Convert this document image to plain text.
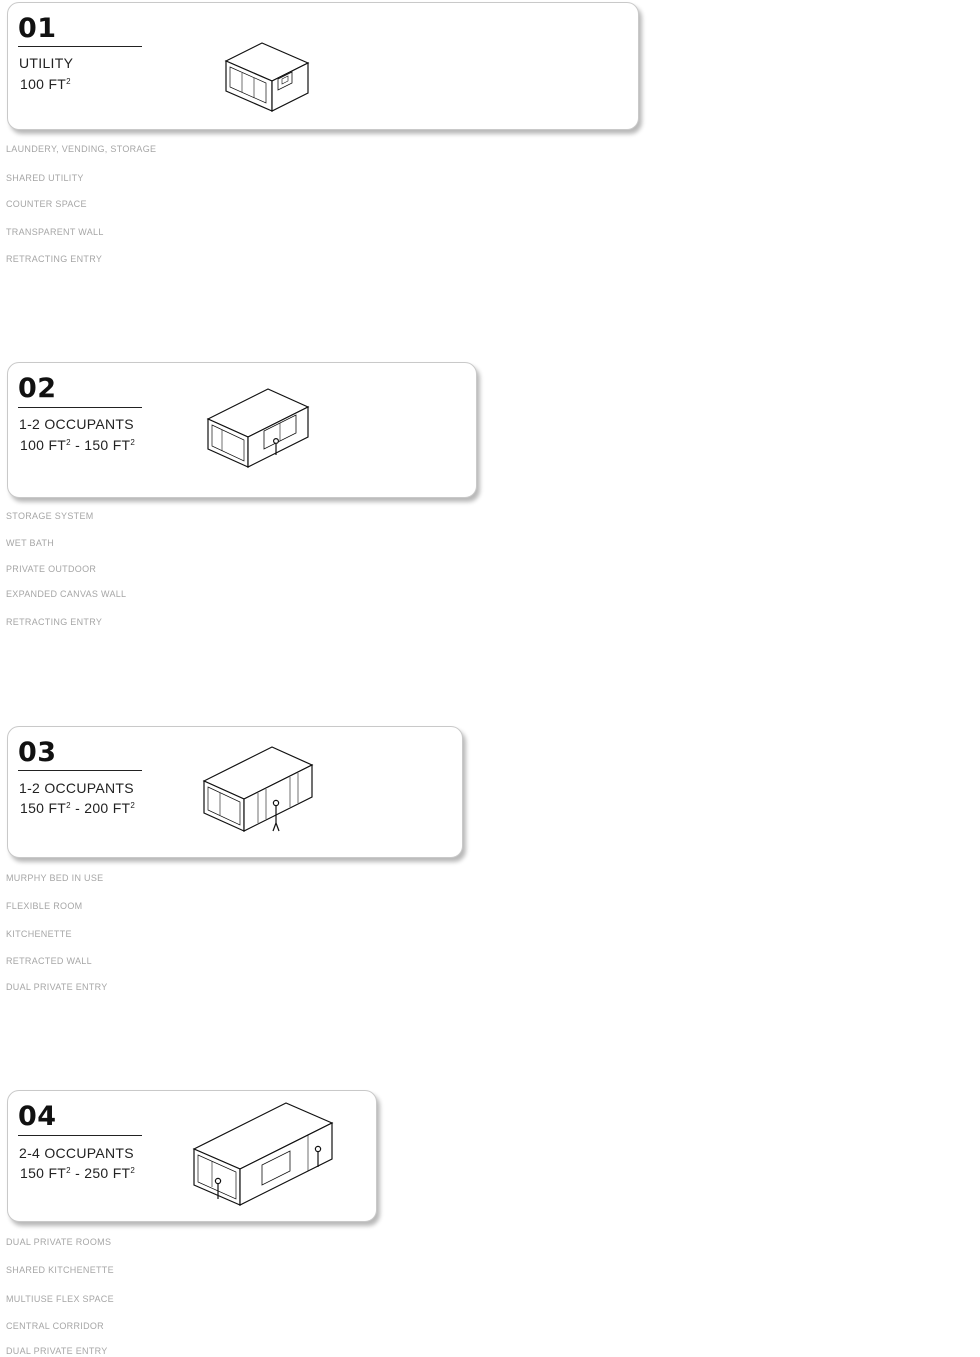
01
UTILITY
100 $FT^2$
LAUNDERY, VENDING, STORAGE
SHARED UTILITY
COUNTER SPACE
TRANSPARENT WALL
RETRACTING ENTRY
02
1-2 OCCUPANTS
100 $FT^2 - 150$ $FT^2$
STORAGE SYSTEM
WET BATH
PRIVATE OUTDOOR
EXPANDED CANVAS WALL
RETRACTING ENTRY
03
1-2 OCCUPANTS
150 $FT^2 - 200$ $FT^2$
MURPHY BED IN USE
FLEXIBLE ROOM
KITCHENETTE
RETRACTED WALL
DUAL PRIVATE ENTRY
04
2-4 OCCUPANTS
150 $FT^2 - 250$ $FT^2$
DUAL PRIVATE ROOMS
SHARED KITCHENETTE
MULTIUSE FLEX SPACE
CENTRAL CORRIDOR
DUAL PRIVATE ENTRY
